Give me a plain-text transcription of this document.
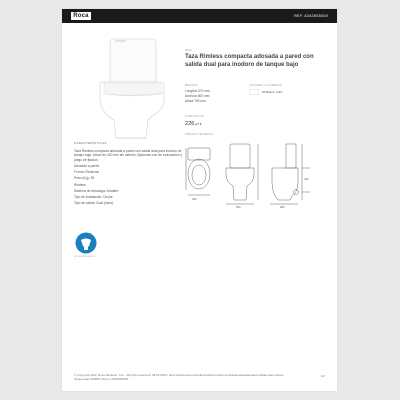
Roca	REF. A3428S5000
ONA
Taza Rimless compacta adosada a pared con salida dual para inodoro de tanque bajo
MEDIDAS
Longitud 370 mm.
Anchura 600 mm.
Altura 790 mm.
COLORES Y ACABADOS
00 Blanco brillo
PVPR SIN IVA
226,27 €
DIBUJOS TÉCNICOS
360
360	600
420
CARACTERÍSTICAS
Taza Rimless compacta adosada a pared con salida dual para inodoro de tanque bajo. Altura de 420 mm sin asiento, fijaciones con de evacuación y juego de fijación.
Adosado a pared
Forma: Redonda
Peso (Kg): 35
Rimless
Sistema de descarga: Arrastre
Tipo de instalación: De pie
Tipo de salida: Dual (vario)
SISTEMA RIMLESS
© Copyright 2022, Roca Sanitario, S.A. - All rights reserved | 09.03.2022 | https://www.roca.es/productos/taza-rimless-compacta-adosada-pared-salida-dual-inodoro-tanque-bajo-342854 | Ref.no A3428S5000
1/2
